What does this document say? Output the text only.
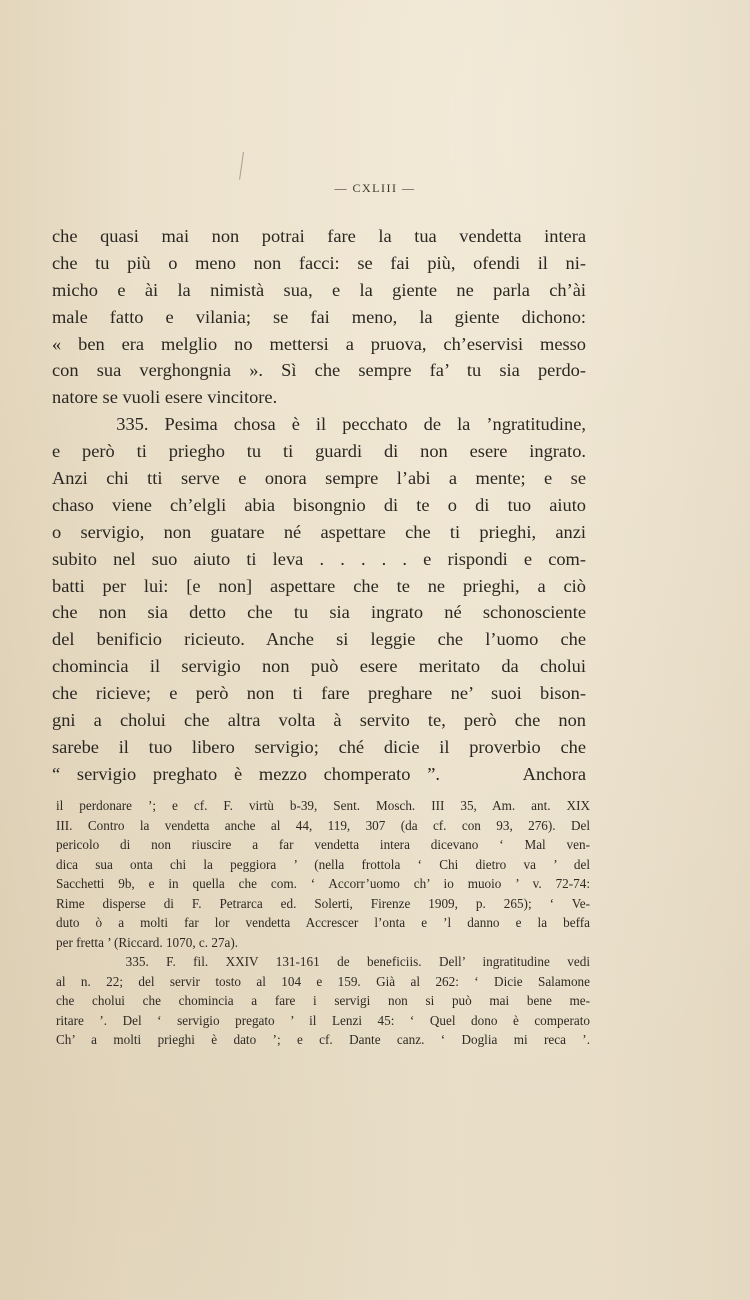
— CXLIII —
che quasi mai non potrai fare la tua vendetta intera
che tu più o meno non facci: se fai più, ofendi il ni-
micho e ài la nimistà sua, e la giente ne parla ch’ài
male fatto e vilania; se fai meno, la giente dichono:
« ben era melglio no mettersi a pruova, ch’eservisi messo
con sua verghongnia ». Sì che sempre fa’ tu sia perdo-
natore se vuoli esere vincitore.
335. Pesima chosa è il pecchato de la ’ngratitudine,
e però ti priegho tu ti guardi di non esere ingrato.
Anzi chi tti serve e onora sempre l’abi a mente; e se
chaso viene ch’elgli abia bisongnio di te o di tuo aiuto
o servigio, non guatare né aspettare che ti prieghi, anzi
subito nel suo aiuto ti leva . . . . . e rispondi e com-
batti per lui: [e non] aspettare che te ne prieghi, a ciò
che non sia detto che tu sia ingrato né schonosciente
del benificio ricieuto. Anche si leggie che l’uomo che
chomincia il servigio non può esere meritato da cholui
che ricieve; e però non ti fare preghare ne’ suoi bison-
gni a cholui che altra volta à servito te, però che non
sarebe il tuo libero servigio; ché dicie il proverbio che
“ servigio preghato è mezzo chomperato ”.     Anchora
il perdonare ’; e cf. F. virtù b-39, Sent. Mosch. III 35, Am. ant. XIX
III. Contro la vendetta anche al 44, 119, 307 (da cf. con 93, 276). Del
pericolo di non riuscire a far vendetta intera dicevano ‘ Mal ven-
dica sua onta chi la peggiora ’ (nella frottola ‘ Chi dietro va ’ del
Sacchetti 9b, e in quella che com. ‘ Accorr’uomo ch’ io muoio ’ v. 72-74:
Rime disperse di F. Petrarca ed. Solerti, Firenze 1909, p. 265); ‘ Ve-
duto ò a molti far lor vendetta Accrescer l’onta e ’l danno e la beffa
per fretta ’ (Riccard. 1070, c. 27a).
335. F. fil. XXIV 131-161 de beneficiis. Dell’ ingratitudine vedi
al n. 22; del servir tosto al 104 e 159. Già al 262: ‘ Dicie Salamone
che cholui che chomincia a fare i servigi non si può mai bene me-
ritare ’. Del ‘ servigio pregato ’ il Lenzi 45: ‘ Quel dono è comperato
Ch’ a molti prieghi è dato ’; e cf. Dante canz. ‘ Doglia mi reca ’.
